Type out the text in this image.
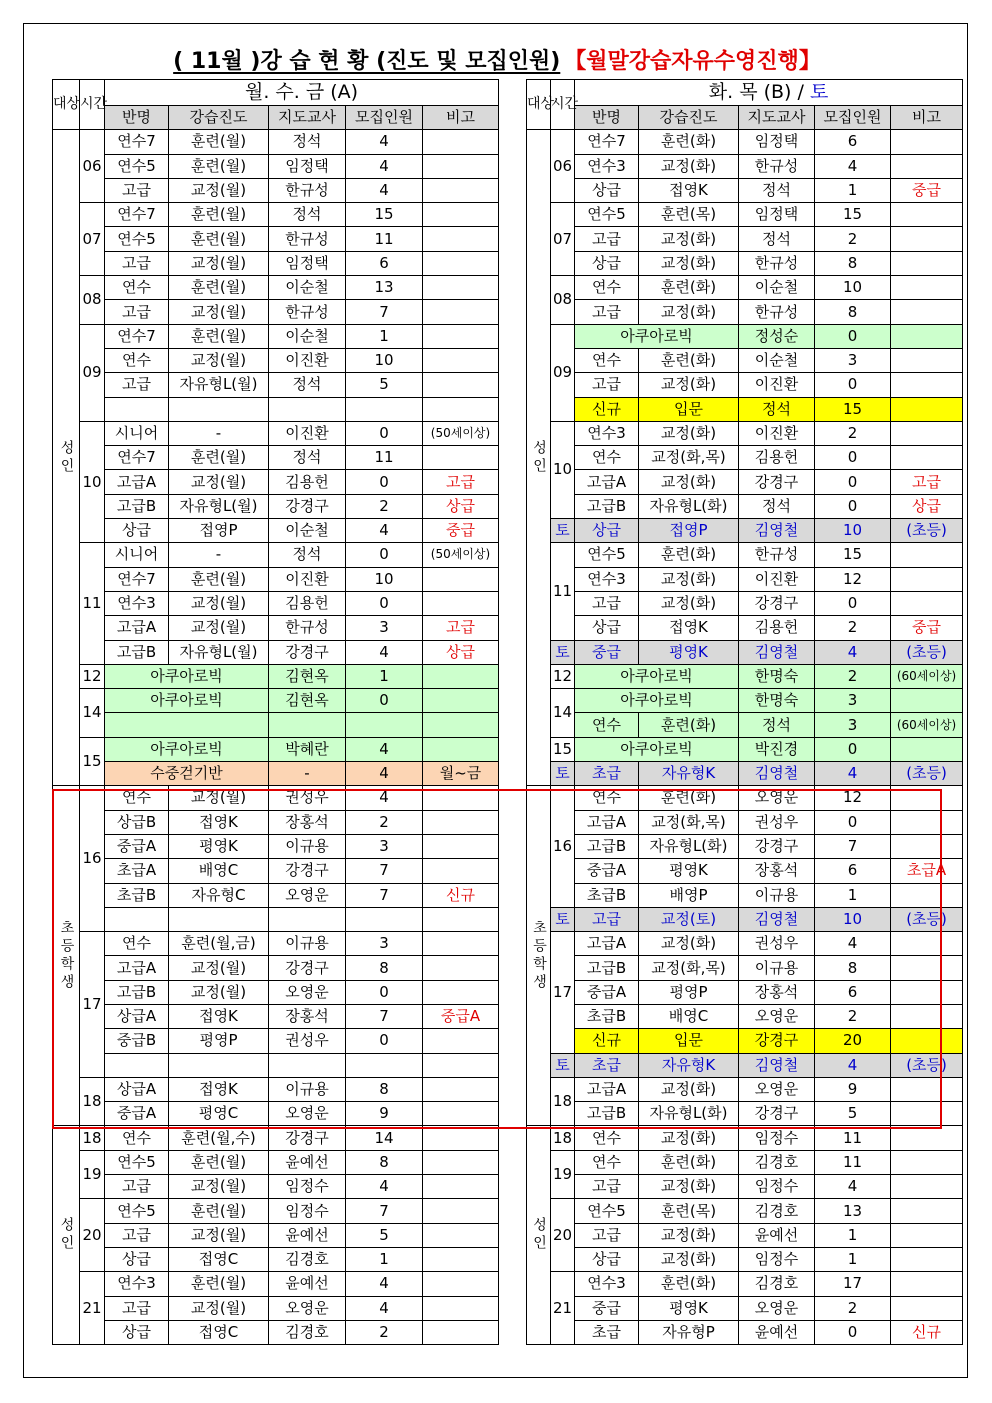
( 11월 )강 습 현 황 (진도 및 모집인원) 【월말강습자유수영진행】
대상	시간	월. 수. 금 (A)				
		반명	강습진도	지도교사	모집인원	비고
성인	06	연수7	훈련(월)	정석	4	
		연수5	훈련(월)	임정택	4	
		고급	교정(월)	한규성	4	
	07	연수7	훈련(월)	정석	15	
		연수5	훈련(월)	한규성	11	
		고급	교정(월)	임정택	6	
	08	연수	훈련(월)	이순철	13	
		고급	교정(월)	한규성	7	
	09	연수7	훈련(월)	이순철	1	
		연수	교정(월)	이진환	10	
		고급	자유형L(월)	정석	5	

	10	시니어	-	이진환	0	(50세이상)
		연수7	훈련(월)	정석	11	
		고급A	교정(월)	김용헌	0	고급
		고급B	자유형L(월)	강경구	2	상급
		상급	접영P	이순철	4	중급
	11	시니어	-	정석	0	(50세이상)
		연수7	훈련(월)	이진환	10	
		연수3	교정(월)	김용헌	0	
		고급A	교정(월)	한규성	3	고급
		고급B	자유형L(월)	강경구	4	상급
	12	아쿠아로빅		김현옥	1	
	14	아쿠아로빅		김현옥	0	

	15	아쿠아로빅		박혜란	4	
		수중걷기반		-	4	월~금
초등학생	16	연수	교정(월)	권성우	4	
		상급B	접영K	장홍석	2	
		중급A	평영K	이규용	3	
		초급A	배영C	강경구	7	
		초급B	자유형C	오영운	7	신규

	17	연수	훈련(월,금)	이규용	3	
		고급A	교정(월)	강경구	8	
		고급B	교정(월)	오영운	0	
		상급A	접영K	장홍석	7	중급A
		중급B	평영P	권성우	0	

	18	상급A	접영K	이규용	8	
		중급A	평영C	오영운	9	
성인	18	연수	훈련(월,수)	강경구	14	
	19	연수5	훈련(월)	윤예선	8	
		고급	교정(월)	임정수	4	
	20	연수5	훈련(월)	임정수	7	
		고급	교정(월)	윤예선	5	
		상급	접영C	김경호	1	
	21	연수3	훈련(월)	윤예선	4	
		고급	교정(월)	오영운	4	
		상급	접영C	김경호	2	
대상	시간	화. 목 (B) / 토				
		반명	강습진도	지도교사	모집인원	비고
성인	06	연수7	훈련(화)	임정택	6	
		연수3	교정(화)	한규성	4	
		상급	접영K	정석	1	중급
	07	연수5	훈련(목)	임정택	15	
		고급	교정(화)	정석	2	
		상급	교정(화)	한규성	8	
	08	연수	훈련(화)	이순철	10	
		고급	교정(화)	한규성	8	
	09	아쿠아로빅		정성순	0	
		연수	훈련(화)	이순철	3	
		고급	교정(화)	이진환	0	
		신규	입문	정석	15	
	10	연수3	교정(화)	이진환	2	
		연수	교정(화,목)	김용헌	0	
		고급A	교정(화)	강경구	0	고급
		고급B	자유형L(화)	정석	0	상급
	토	상급	접영P	김영철	10	(초등)
	11	연수5	훈련(화)	한규성	15	
		연수3	교정(화)	이진환	12	
		고급	교정(화)	강경구	0	
		상급	접영K	김용헌	2	중급
	토	중급	평영K	김영철	4	(초등)
	12	아쿠아로빅		한명숙	2	(60세이상)
	14	아쿠아로빅		한명숙	3	
		연수	훈련(화)	정석	3	(60세이상)
	15	아쿠아로빅		박진경	0	
	토	초급	자유형K	김영철	4	(초등)
초등학생	16	연수	훈련(화)	오영운	12	
		고급A	교정(화,목)	권성우	0	
		고급B	자유형L(화)	강경구	7	
		중급A	평영K	장홍석	6	초급A
		초급B	배영P	이규용	1	
	토	고급	교정(토)	김영철	10	(초등)
	17	고급A	교정(화)	권성우	4	
		고급B	교정(화,목)	이규용	8	
		중급A	평영P	장홍석	6	
		초급B	배영C	오영운	2	
		신규	입문	강경구	20	
	토	초급	자유형K	김영철	4	(초등)
	18	고급A	교정(화)	오영운	9	
		고급B	자유형L(화)	강경구	5	
성인	18	연수	교정(화)	임정수	11	
	19	연수	훈련(화)	김경호	11	
		고급	교정(화)	임정수	4	
	20	연수5	훈련(목)	김경호	13	
		고급	교정(화)	윤예선	1	
		상급	교정(화)	임정수	1	
	21	연수3	훈련(화)	김경호	17	
		중급	평영K	오영운	2	
		초급	자유형P	윤예선	0	신규
